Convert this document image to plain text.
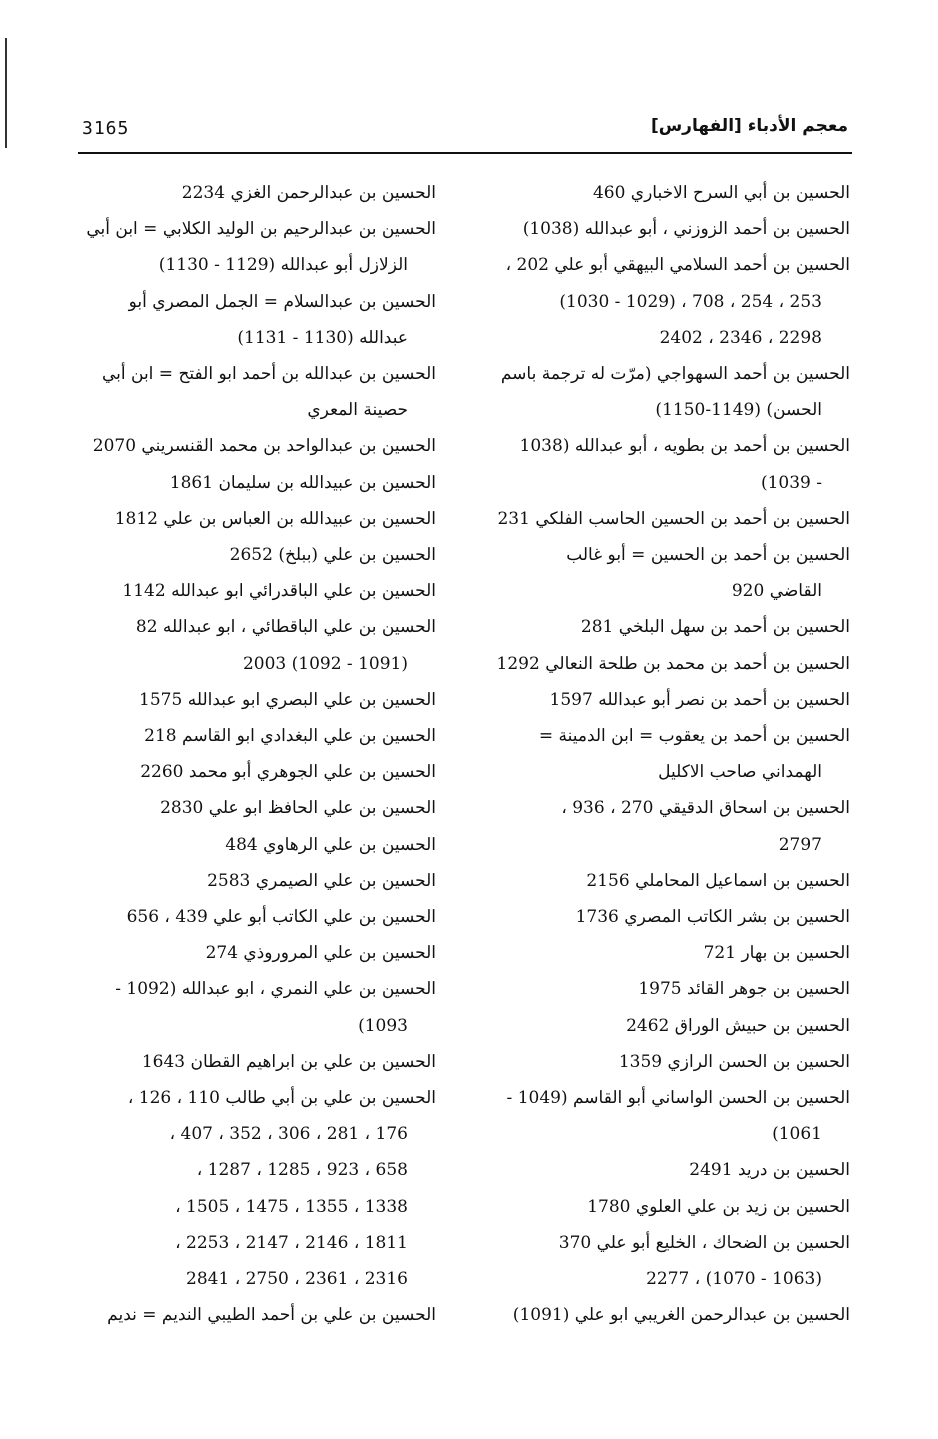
3165	معجم الأدباء [الفهارس]
الحسين بن أبي السرح الاخباري 460
الحسين بن أحمد الزوزني ، أبو عبدالله (1038)
الحسين بن أحمد السلامي البيهقي أبو علي 202 ،
253 ، 254 ، 708 ، (1029 - 1030)
2298 ، 2346 ، 2402
الحسين بن أحمد السهواجي (مرّت له ترجمة باسم
الحسن) (1149-1150)
الحسين بن أحمد بن بطويه ، أبو عبدالله (1038
- 1039)
الحسين بن أحمد بن الحسين الحاسب الفلكي 231
الحسين بن أحمد بن الحسين = أبو غالب
القاضي 920
الحسين بن أحمد بن سهل البلخي 281
الحسين بن أحمد بن محمد بن طلحة النعالي 1292
الحسين بن أحمد بن نصر أبو عبدالله 1597
الحسين بن أحمد بن يعقوب = ابن الدمينة =
الهمداني صاحب الاكليل
الحسين بن اسحاق الدقيقي 270 ، 936 ،
2797
الحسين بن اسماعيل المحاملي 2156
الحسين بن بشر الكاتب المصري 1736
الحسين بن بهار 721
الحسين بن جوهر القائد 1975
الحسين بن حبيش الوراق 2462
الحسين بن الحسن الرازي 1359
الحسين بن الحسن الواساني أبو القاسم (1049 -
1061)
الحسين بن دريد 2491
الحسين بن زيد بن علي العلوي 1780
الحسين بن الضحاك ، الخليع أبو علي 370
(1063 - 1070) ، 2277
الحسين بن عبدالرحمن الغريبي ابو علي (1091)
الحسين بن عبدالرحمن الغزي 2234
الحسين بن عبدالرحيم بن الوليد الكلابي = ابن أبي
الزلازل أبو عبدالله (1129 - 1130)
الحسين بن عبدالسلام = الجمل المصري أبو
عبدالله (1130 - 1131)
الحسين بن عبدالله بن أحمد ابو الفتح = ابن أبي
حصينة المعري
الحسين بن عبدالواحد بن محمد القنسريني 2070
الحسين بن عبيدالله بن سليمان 1861
الحسين بن عبيدالله بن العباس بن علي 1812
الحسين بن علي (ببلخ) 2652
الحسين بن علي الباقدرائي ابو عبدالله 1142
الحسين بن علي الباقطائي ، ابو عبدالله 82
(1091 - 1092) 2003
الحسين بن علي البصري ابو عبدالله 1575
الحسين بن علي البغدادي ابو القاسم 218
الحسين بن علي الجوهري أبو محمد 2260
الحسين بن علي الحافظ ابو علي 2830
الحسين بن علي الرهاوي 484
الحسين بن علي الصيمري 2583
الحسين بن علي الكاتب أبو علي 439 ، 656
الحسين بن علي المروروذي 274
الحسين بن علي النمري ، ابو عبدالله (1092 -
1093)
الحسين بن علي بن ابراهيم القطان 1643
الحسين بن علي بن أبي طالب 110 ، 126 ،
176 ، 281 ، 306 ، 352 ، 407 ،
658 ، 923 ، 1285 ، 1287 ،
1338 ، 1355 ، 1475 ، 1505 ،
1811 ، 2146 ، 2147 ، 2253 ،
2316 ، 2361 ، 2750 ، 2841
الحسين بن علي بن أحمد الطيبي النديم = نديم
